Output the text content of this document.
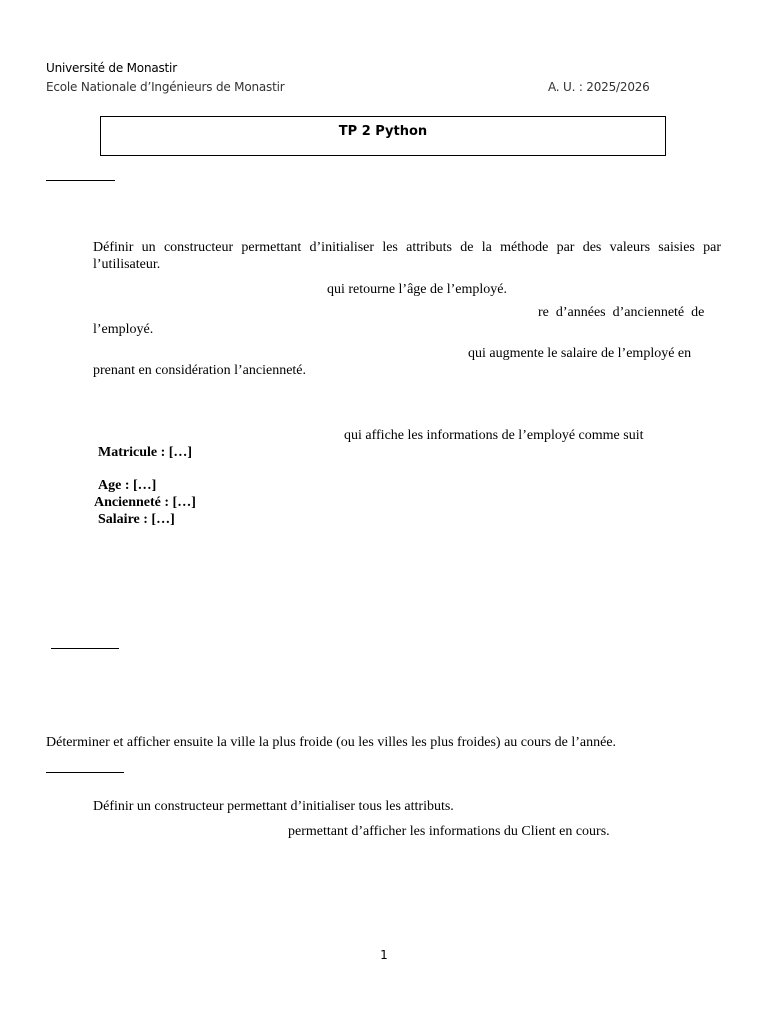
Université de Monastir
Ecole Nationale d’Ingénieurs de Monastir	A. U. : 2025/2026
TP 2 Python
Définir un constructeur permettant d’initialiser les attributs de la méthode par des valeurs saisies par l’utilisateur.
qui retourne l’âge de l’employé.
re  d’années  d’ancienneté  de
l’employé.
qui augmente le salaire de l’employé en
prenant en considération l’ancienneté.
qui affiche les informations de l’employé comme suit
Matricule : […]
Age : […]
Ancienneté : […]
Salaire : […]
Déterminer et afficher ensuite la ville la plus froide (ou les villes les plus froides) au cours de l’année.
Définir un constructeur permettant d’initialiser tous les attributs.
permettant d’afficher les informations du Client en cours.
1
